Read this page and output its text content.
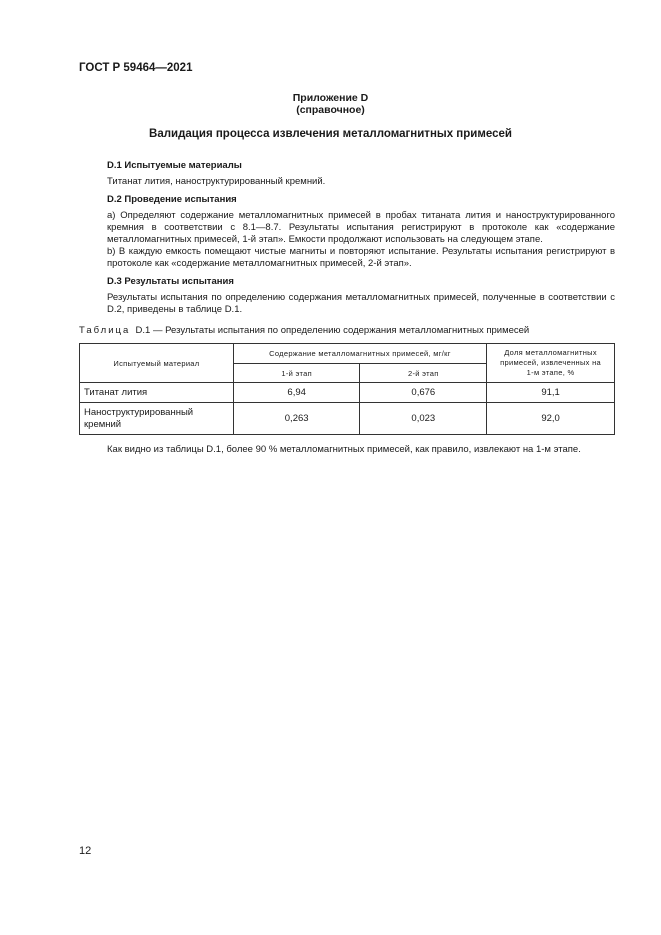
ГОСТ Р 59464—2021
Приложение D
(справочное)
Валидация процесса извлечения металломагнитных примесей
D.1 Испытуемые материалы
Титанат лития, наноструктурированный кремний.
D.2 Проведение испытания
а) Определяют содержание металломагнитных примесей в пробах титаната лития и наноструктурированного кремния в соответствии с 8.1—8.7. Результаты испытания регистрируют в протоколе как «содержание металломагнитных примесей, 1-й этап». Емкости продолжают использовать на следующем этапе.
b) В каждую емкость помещают чистые магниты и повторяют испытание. Результаты испытания регистрируют в протоколе как «содержание металломагнитных примесей, 2-й этап».
D.3 Результаты испытания
Результаты испытания по определению содержания металломагнитных примесей, полученные в соответствии с D.2, приведены в таблице D.1.
Таблица D.1 — Результаты испытания по определению содержания металломагнитных примесей
Испытуемый материал	Содержание металломагнитных примесей, мг/кг		Доля металломагнитных примесей, извлеченных на 1-м этапе, %
	1-й этап	2-й этап	
Титанат лития	6,94	0,676	91,1
Наноструктурированный кремний	0,263	0,023	92,0
Как видно из таблицы D.1, более 90 % металломагнитных примесей, как правило, извлекают на 1-м этапе.
12
